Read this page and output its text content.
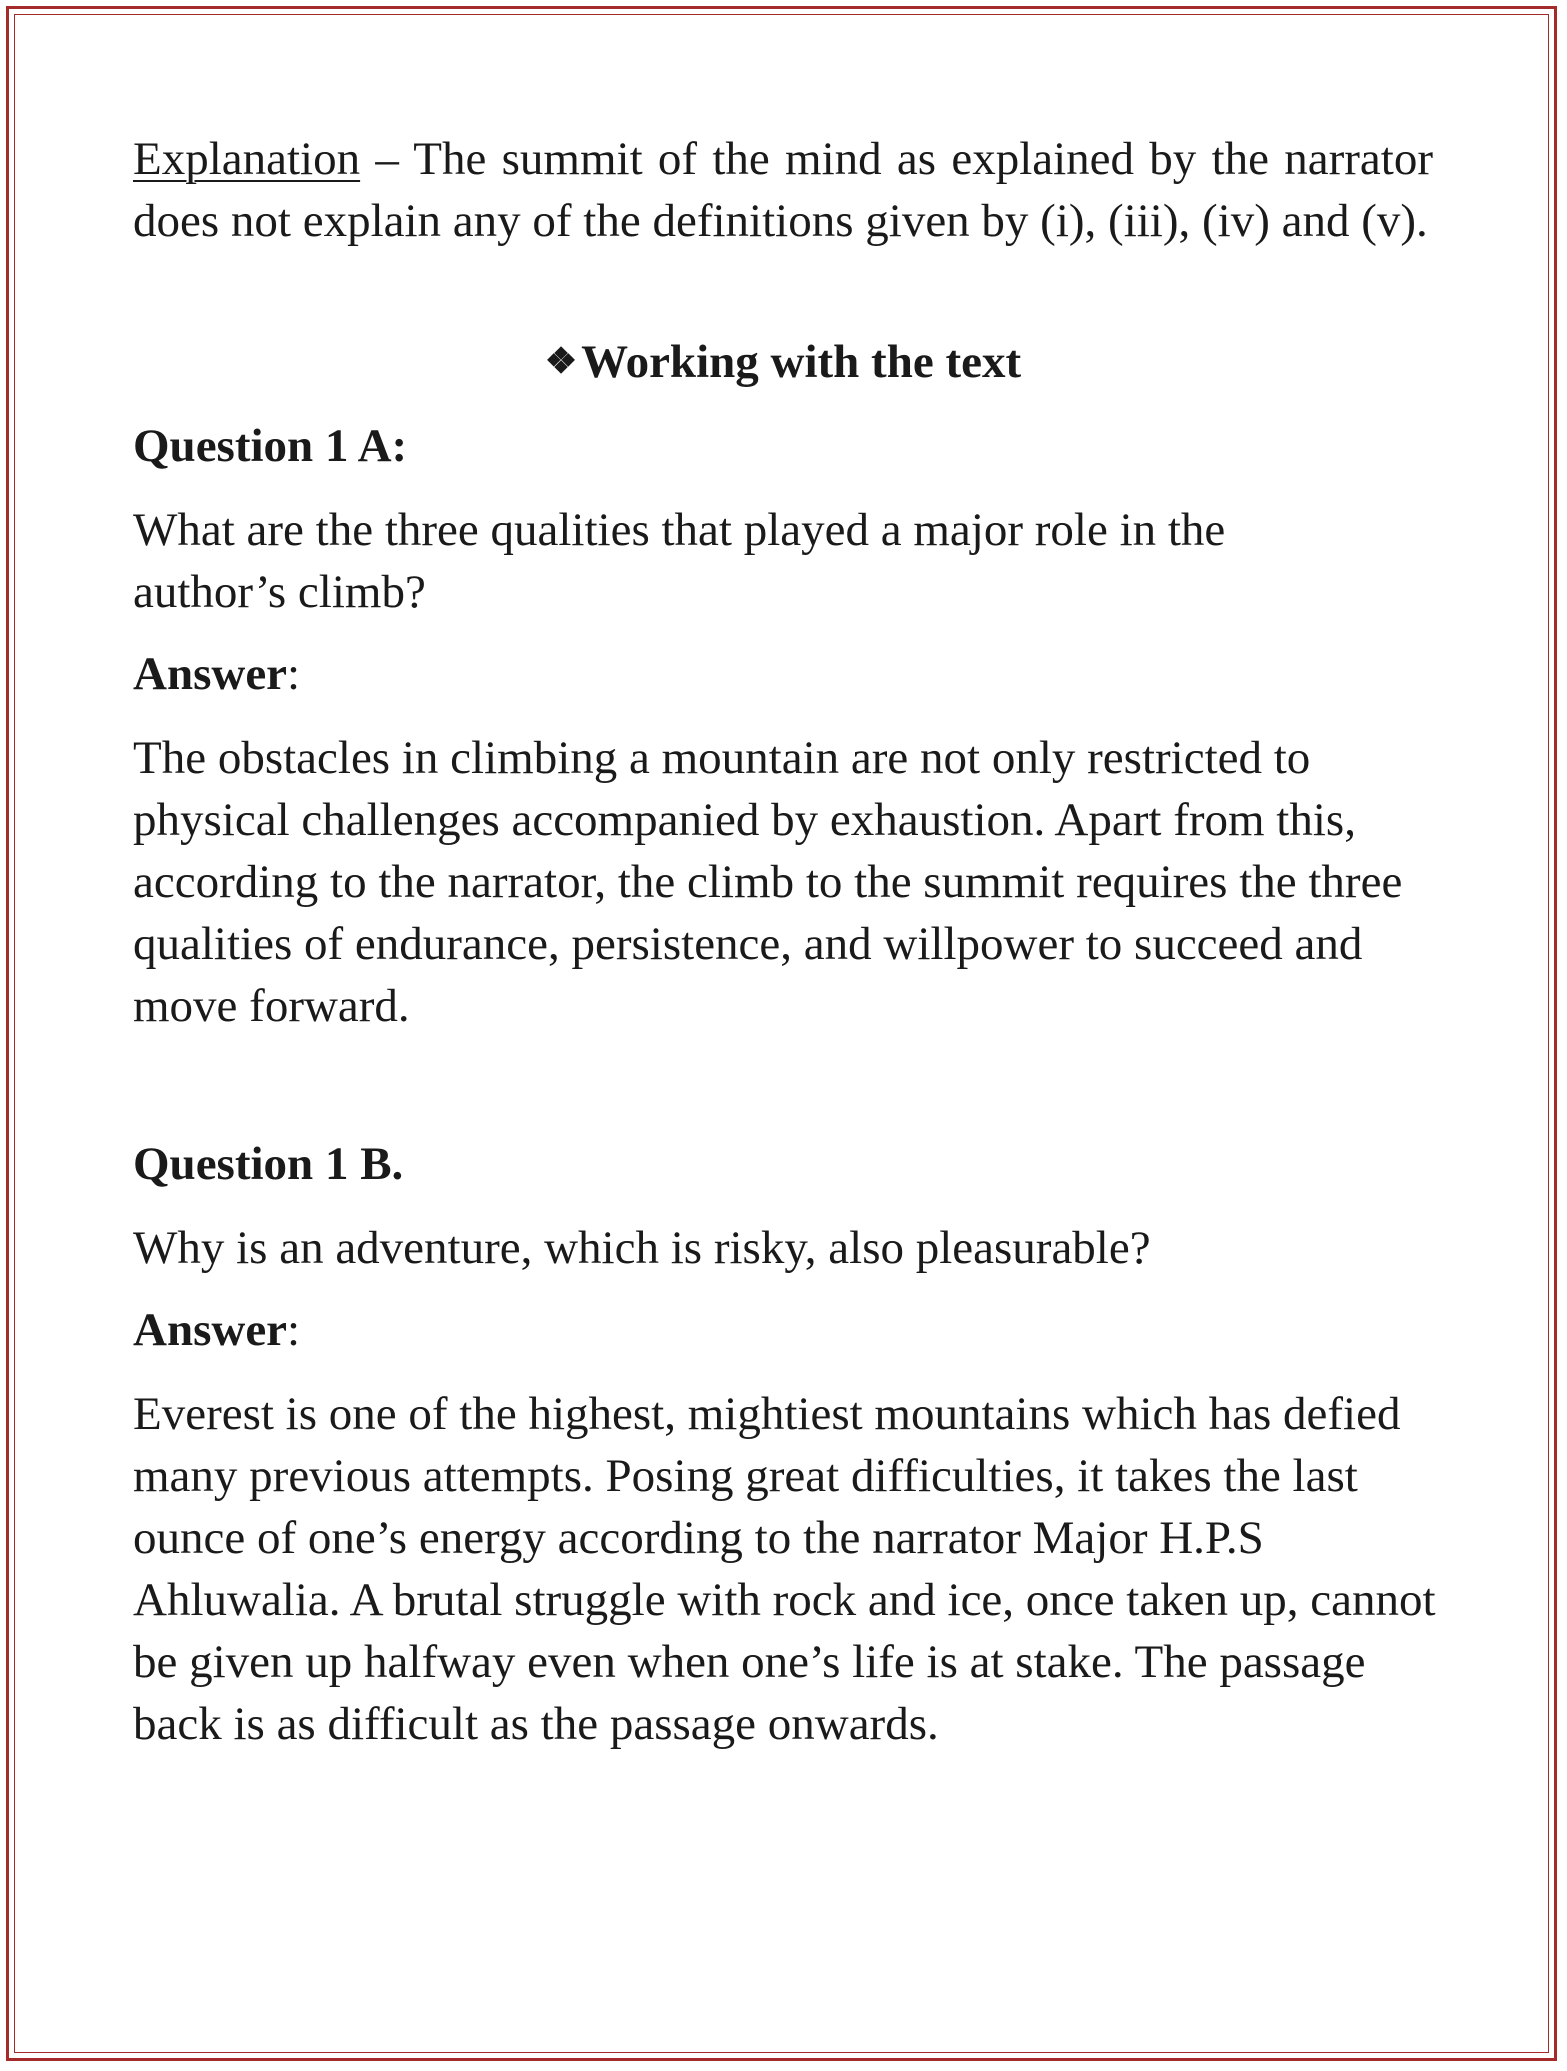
Explanation – The summit of the mind as explained by the narrator does not explain any of the definitions given by (i), (iii), (iv) and (v).

❖Working with the text

Question 1 A:

What are the three qualities that played a major role in the author’s climb?

Answer:

The obstacles in climbing a mountain are not only restricted to physical challenges accompanied by exhaustion. Apart from this, according to the narrator, the climb to the summit requires the three qualities of endurance, persistence, and willpower to succeed and move forward.

Question 1 B.

Why is an adventure, which is risky, also pleasurable?

Answer:

Everest is one of the highest, mightiest mountains which has defied many previous attempts. Posing great difficulties, it takes the last ounce of one’s energy according to the narrator Major H.P.S Ahluwalia. A brutal struggle with rock and ice, once taken up, cannot be given up halfway even when one’s life is at stake. The passage back is as difficult as the passage onwards.
